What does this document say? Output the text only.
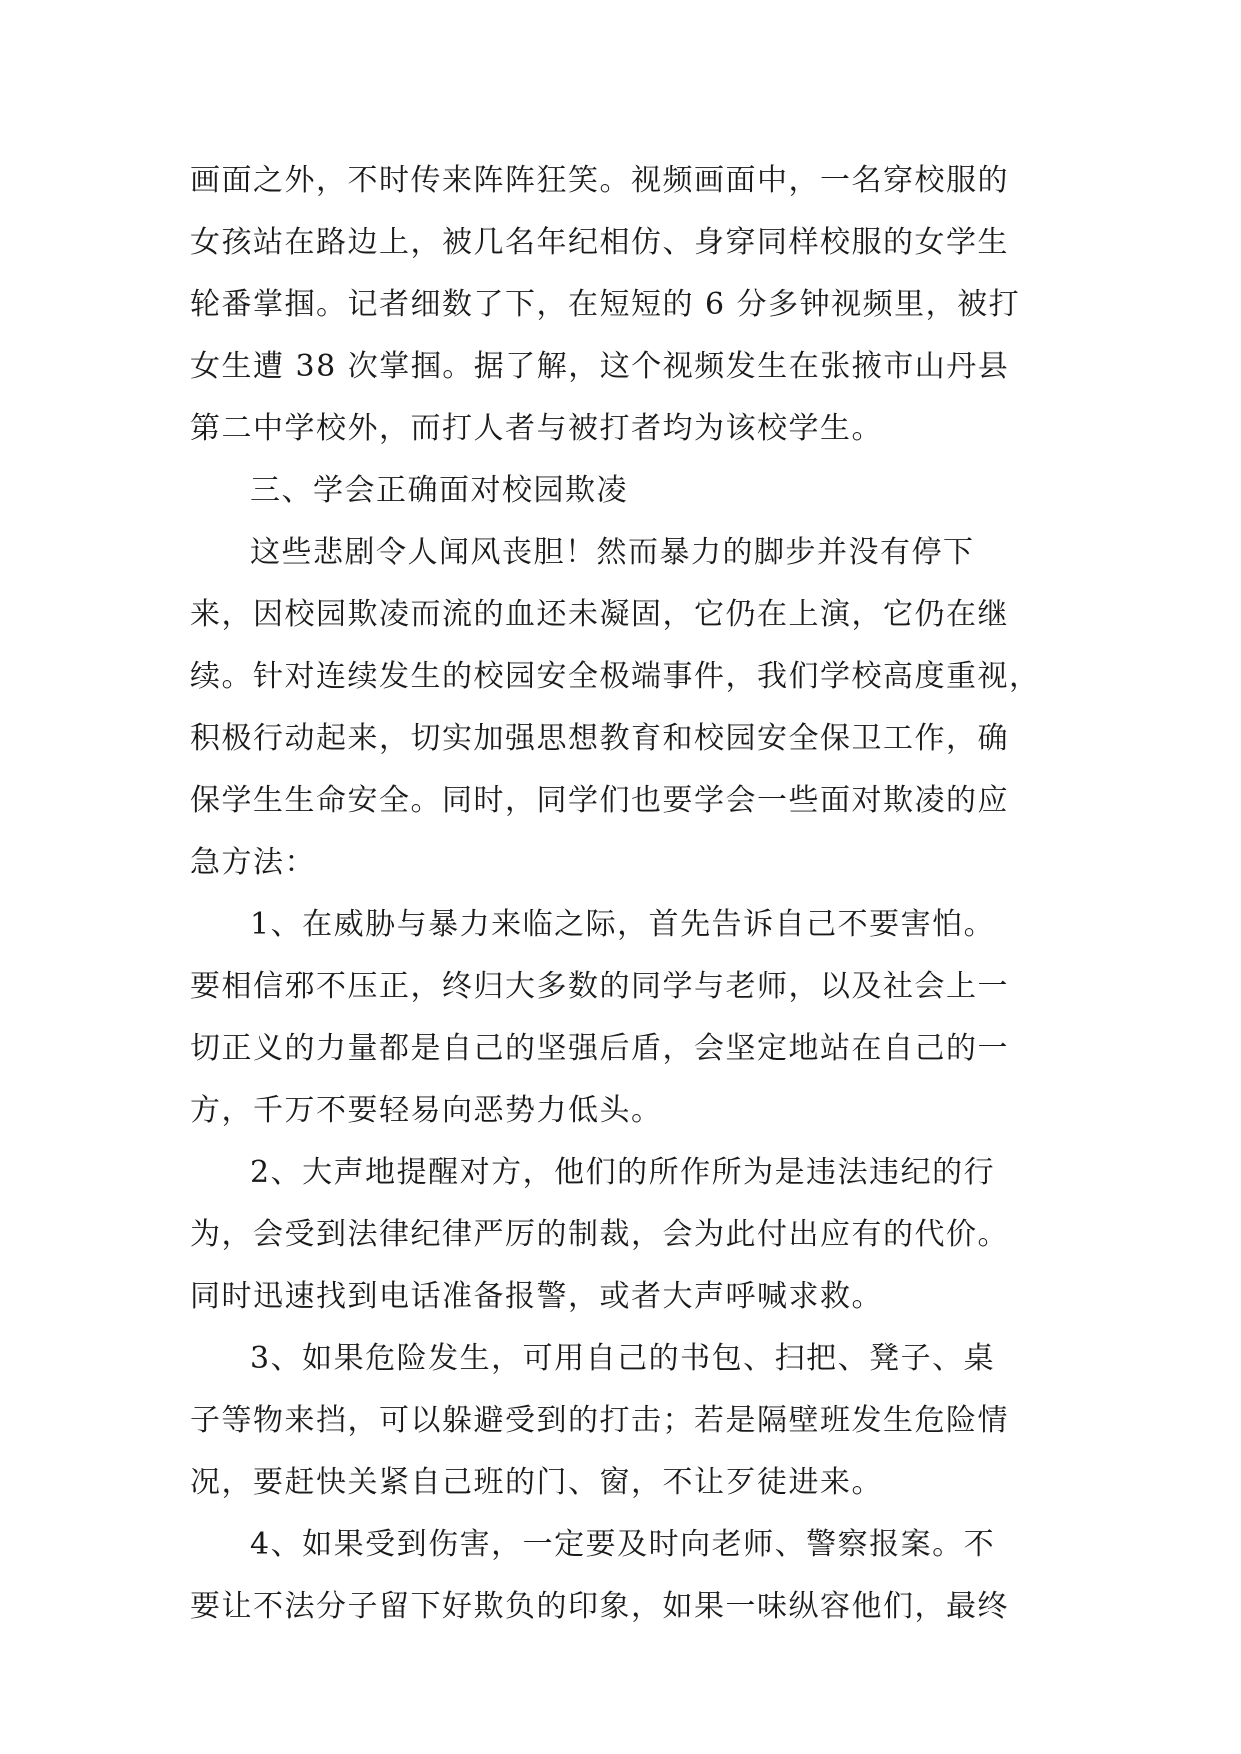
画面之外，不时传来阵阵狂笑。视频画面中，一名穿校服的
女孩站在路边上，被几名年纪相仿、身穿同样校服的女学生
轮番掌掴。记者细数了下，在短短的 6 分多钟视频里，被打
女生遭 38 次掌掴。据了解，这个视频发生在张掖市山丹县
第二中学校外，而打人者与被打者均为该校学生。
三、学会正确面对校园欺凌
这些悲剧令人闻风丧胆！然而暴力的脚步并没有停下
来，因校园欺凌而流的血还未凝固，它仍在上演，它仍在继
续。针对连续发生的校园安全极端事件，我们学校高度重视，
积极行动起来，切实加强思想教育和校园安全保卫工作，确
保学生生命安全。同时，同学们也要学会一些面对欺凌的应
急方法：
1、在威胁与暴力来临之际，首先告诉自己不要害怕。
要相信邪不压正，终归大多数的同学与老师，以及社会上一
切正义的力量都是自己的坚强后盾，会坚定地站在自己的一
方，千万不要轻易向恶势力低头。
2、大声地提醒对方，他们的所作所为是违法违纪的行
为，会受到法律纪律严厉的制裁，会为此付出应有的代价。
同时迅速找到电话准备报警，或者大声呼喊求救。
3、如果危险发生，可用自己的书包、扫把、凳子、桌
子等物来挡，可以躲避受到的打击；若是隔壁班发生危险情
况，要赶快关紧自己班的门、窗，不让歹徒进来。
4、如果受到伤害，一定要及时向老师、警察报案。不
要让不法分子留下好欺负的印象，如果一味纵容他们，最终
